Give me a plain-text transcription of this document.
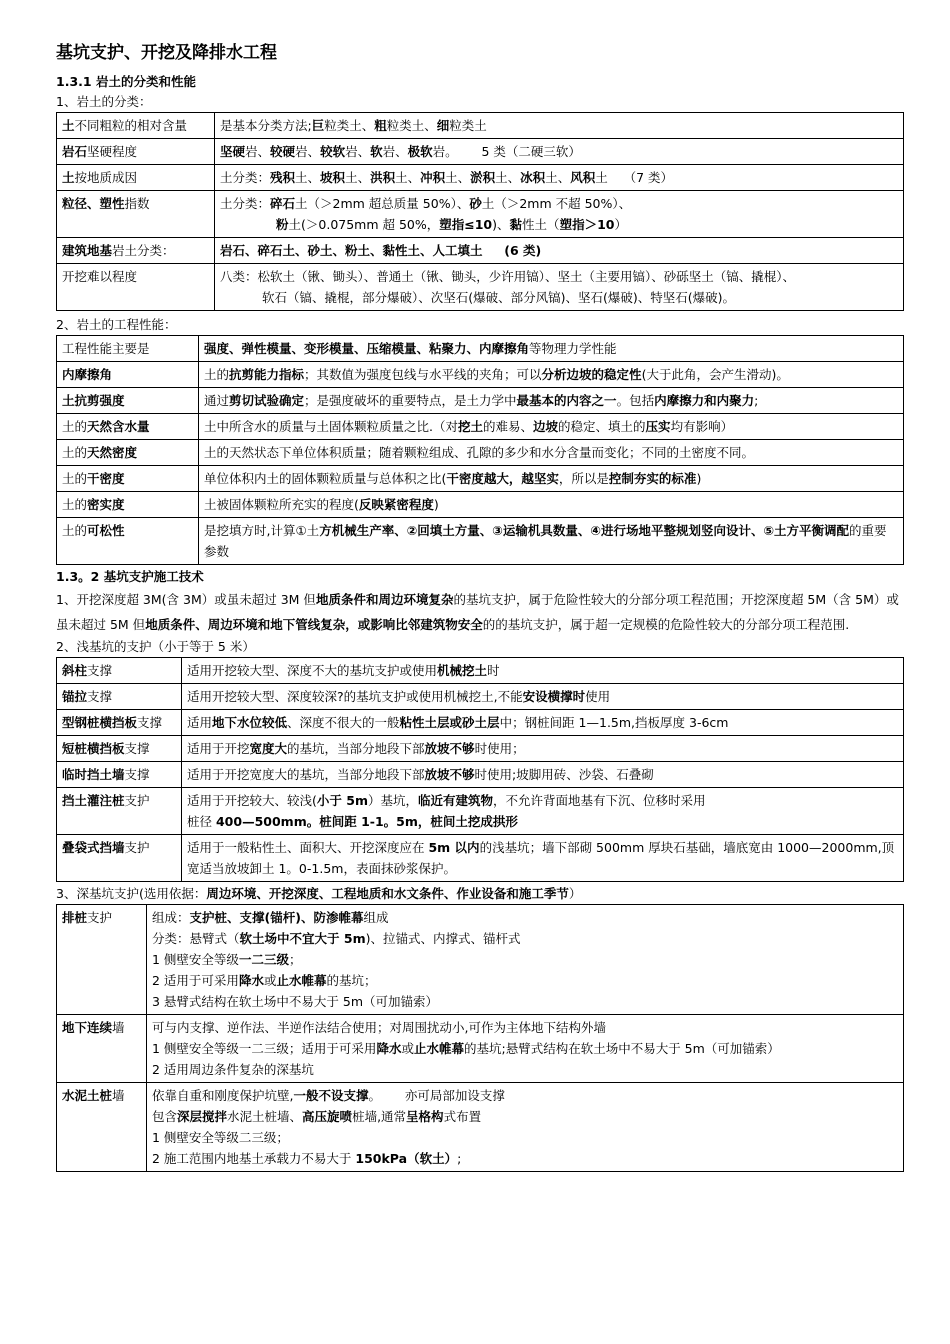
基坑支护、开挖及降排水工程

1.3.1 岩土的分类和性能

1、岩土的分类：

土不同粗粒的相对含量	是基本分类方法;巨粒类土、粗粒类土、细粒类土

岩石坚硬程度	坚硬岩、较硬岩、较软岩、软岩、极软岩。      5 类（二硬三软）

土按地质成因	土分类：残积土、坡积土、洪积土、冲积土、淤积土、冰积土、风积土    （7 类）

粒径、塑性指数	土分类：碎石土（＞2mm 超总质量 50%）、砂土（＞2mm 不超 50%）、
粉土(＞0.075mm 超 50%，塑指≤10)、黏性土（塑指＞10）

建筑地基岩土分类：	岩石、碎石土、砂土、粉土、黏性土、人工填土     (6 类)

开挖难以程度	八类：松软土（锹、锄头）、普通土（锹、锄头，少许用镐）、坚土（主要用镐）、砂砾坚土（镐、撬棍）、
软石（镐、撬棍，部分爆破）、次坚石(爆破、部分风镐)、坚石(爆破)、特坚石(爆破)。

2、岩土的工程性能：

工程性能主要是	强度、弹性模量、变形模量、压缩模量、粘聚力、内摩擦角等物理力学性能

内摩擦角	土的抗剪能力指标；其数值为强度包线与水平线的夹角；可以分析边坡的稳定性(大于此角，会产生滑动)。

土抗剪强度	通过剪切试验确定；是强度破坏的重要特点，是土力学中最基本的内容之一。包括内摩擦力和内聚力;

土的天然含水量	土中所含水的质量与土固体颗粒质量之比.（对挖土的难易、边坡的稳定、填土的压实均有影响）

土的天然密度	土的天然状态下单位体积质量；随着颗粒组成、孔隙的多少和水分含量而变化；不同的土密度不同。

土的干密度	单位体积内土的固体颗粒质量与总体积之比(干密度越大，越坚实，所以是控制夯实的标准)

土的密实度	土被固体颗粒所充实的程度(反映紧密程度)

土的可松性	是挖填方时,计算①土方机械生产率、②回填土方量、③运输机具数量、④进行场地平整规划竖向设计、⑤土方平衡调配的重要参数

1.3。2 基坑支护施工技术

1、开挖深度超 3M(含 3M）或虽未超过 3M 但地质条件和周边环境复杂的基坑支护，属于危险性较大的分部分项工程范围；开挖深度超 5M（含 5M）或虽未超过 5M 但地质条件、周边环境和地下管线复杂，或影响比邻建筑物安全的的基坑支护，属于超一定规模的危险性较大的分部分项工程范围.

2、浅基坑的支护（小于等于 5 米）

斜柱支撑	适用开挖较大型、深度不大的基坑支护或使用机械挖土时

锚拉支撑	适用开挖较大型、深度较深?的基坑支护或使用机械挖土,不能安设横撑时使用

型钢桩横挡板支撑	适用地下水位较低、深度不很大的一般粘性土层或砂土层中；钢桩间距 1—1.5m,挡板厚度 3-6cm

短桩横挡板支撑	适用于开挖宽度大的基坑，当部分地段下部放坡不够时使用；

临时挡土墙支撑	适用于开挖宽度大的基坑，当部分地段下部放坡不够时使用;坡脚用砖、沙袋、石叠砌

挡土灌注桩支护	适用于开挖较大、较浅(小于 5m）基坑，临近有建筑物，不允许背面地基有下沉、位移时采用
桩径 400—500mm。桩间距 1-1。5m，桩间土挖成拱形

叠袋式挡墙支护	适用于一般粘性土、面积大、开挖深度应在 5m 以内的浅基坑；墙下部砌 500mm 厚块石基础，墙底宽由 1000—2000mm,顶宽适当放坡卸土 1。0-1.5m，表面抹砂浆保护。

3、深基坑支护(选用依据：周边环境、开挖深度、工程地质和水文条件、作业设备和施工季节）

排桩支护	组成：支护桩、支撑(锚杆)、防渗帷幕组成
分类：悬臂式（软土场中不宜大于 5m)、拉锚式、内撑式、锚杆式
1 侧壁安全等级一二三级；
2 适用于可采用降水或止水帷幕的基坑；
3 悬臂式结构在软土场中不易大于 5m（可加锚索）

地下连续墙	可与内支撑、逆作法、半逆作法结合使用；对周围扰动小,可作为主体地下结构外墙
1 侧壁安全等级一二三级；适用于可采用降水或止水帷幕的基坑;悬臂式结构在软土场中不易大于 5m（可加锚索）
2 适用周边条件复杂的深基坑

水泥土桩墙	依靠自重和刚度保护坑壁,一般不设支撑。      亦可局部加设支撑
包含深层搅拌水泥土桩墙、高压旋喷桩墙,通常呈格构式布置
1 侧壁安全等级二三级；
2 施工范围内地基土承载力不易大于 150kPa（软土）;
